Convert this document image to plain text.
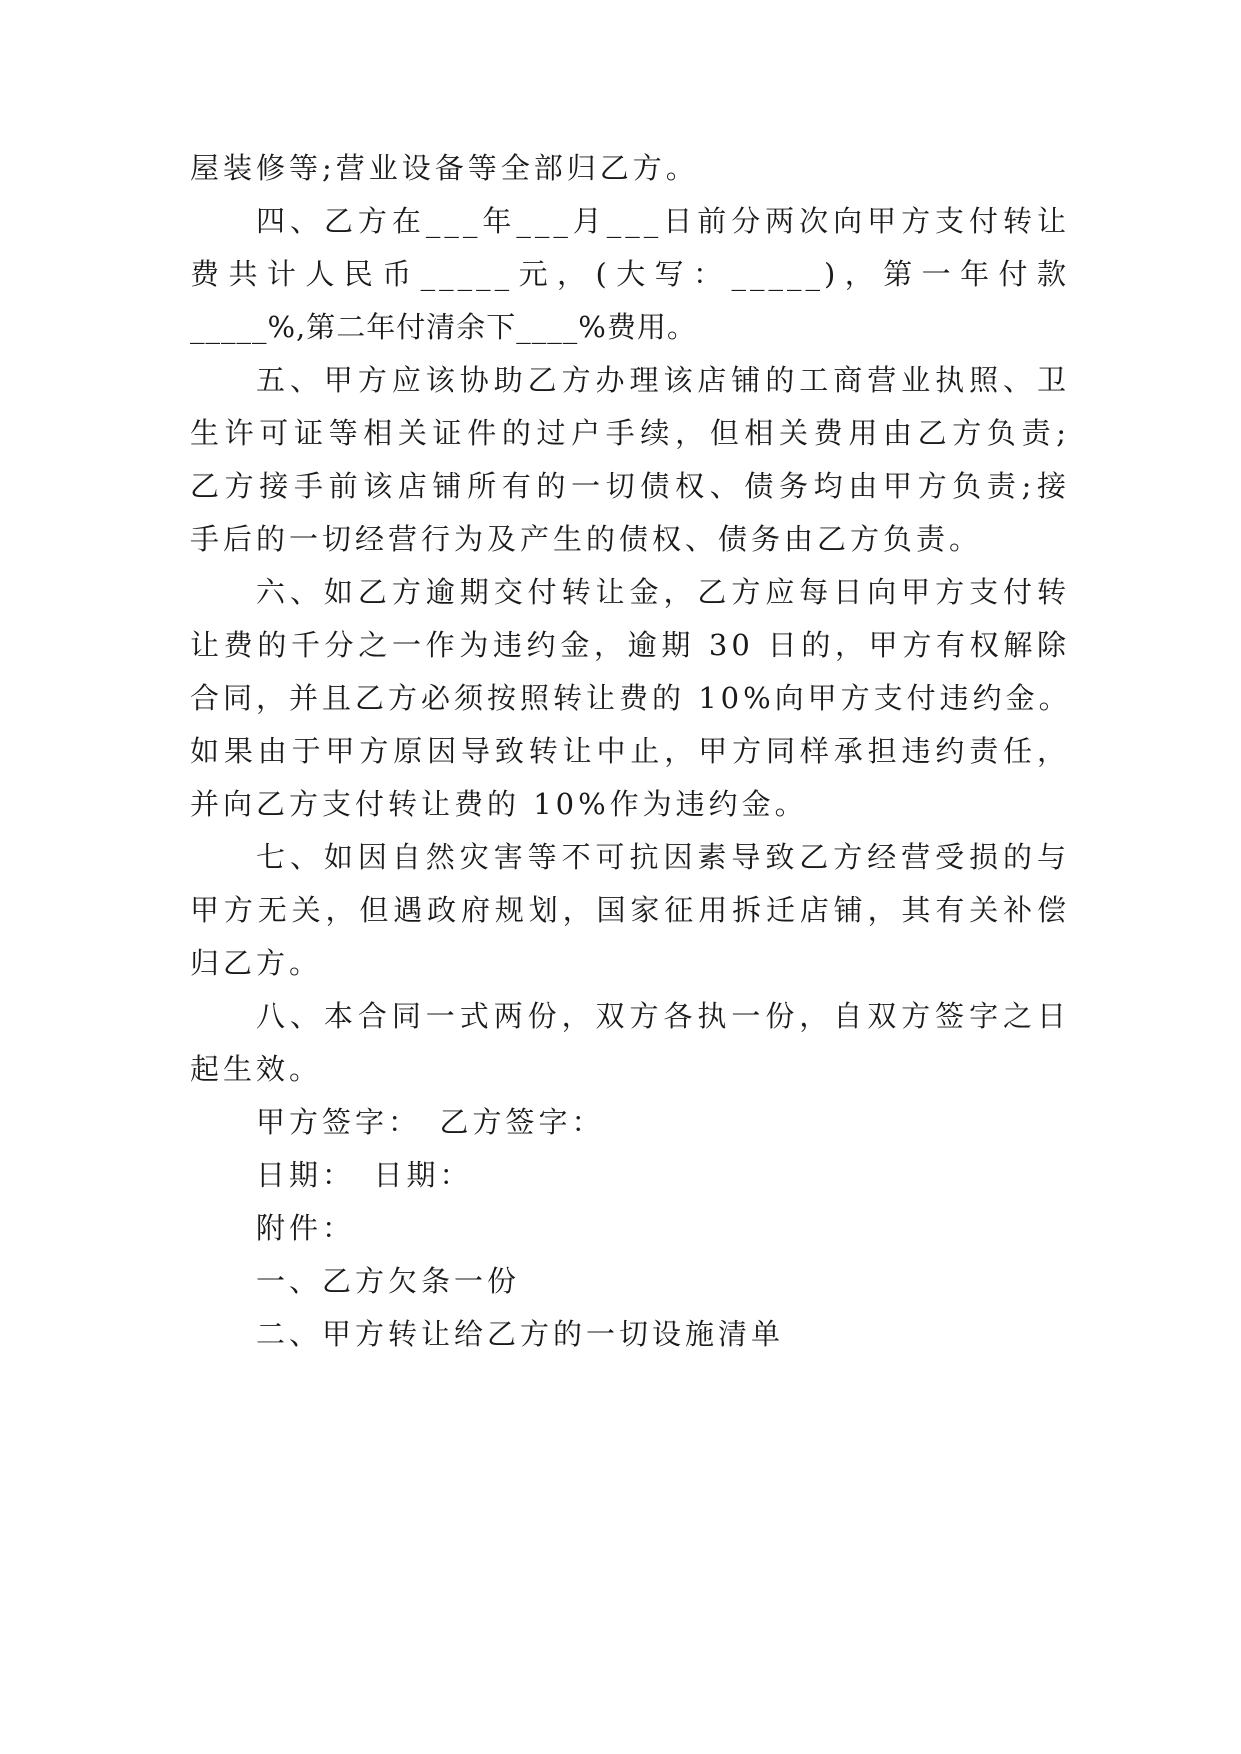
屋装修等;营业设备等全部归乙方。
四、乙方在___年___月___日前分两次向甲方支付转让
费共计人民币_____元，(大写：_____)，第一年付款
_____%,第二年付清余下____%费用。
五、甲方应该协助乙方办理该店铺的工商营业执照、卫
生许可证等相关证件的过户手续，但相关费用由乙方负责;
乙方接手前该店铺所有的一切债权、债务均由甲方负责;接
手后的一切经营行为及产生的债权、债务由乙方负责。
六、如乙方逾期交付转让金，乙方应每日向甲方支付转
让费的千分之一作为违约金，逾期 30 日的，甲方有权解除
合同，并且乙方必须按照转让费的 10%向甲方支付违约金。
如果由于甲方原因导致转让中止，甲方同样承担违约责任，
并向乙方支付转让费的 10%作为违约金。
七、如因自然灾害等不可抗因素导致乙方经营受损的与
甲方无关，但遇政府规划，国家征用拆迁店铺，其有关补偿
归乙方。
八、本合同一式两份，双方各执一份，自双方签字之日
起生效。
甲方签字：　乙方签字：
日期：　日期：
附件：
一、乙方欠条一份
二、甲方转让给乙方的一切设施清单
